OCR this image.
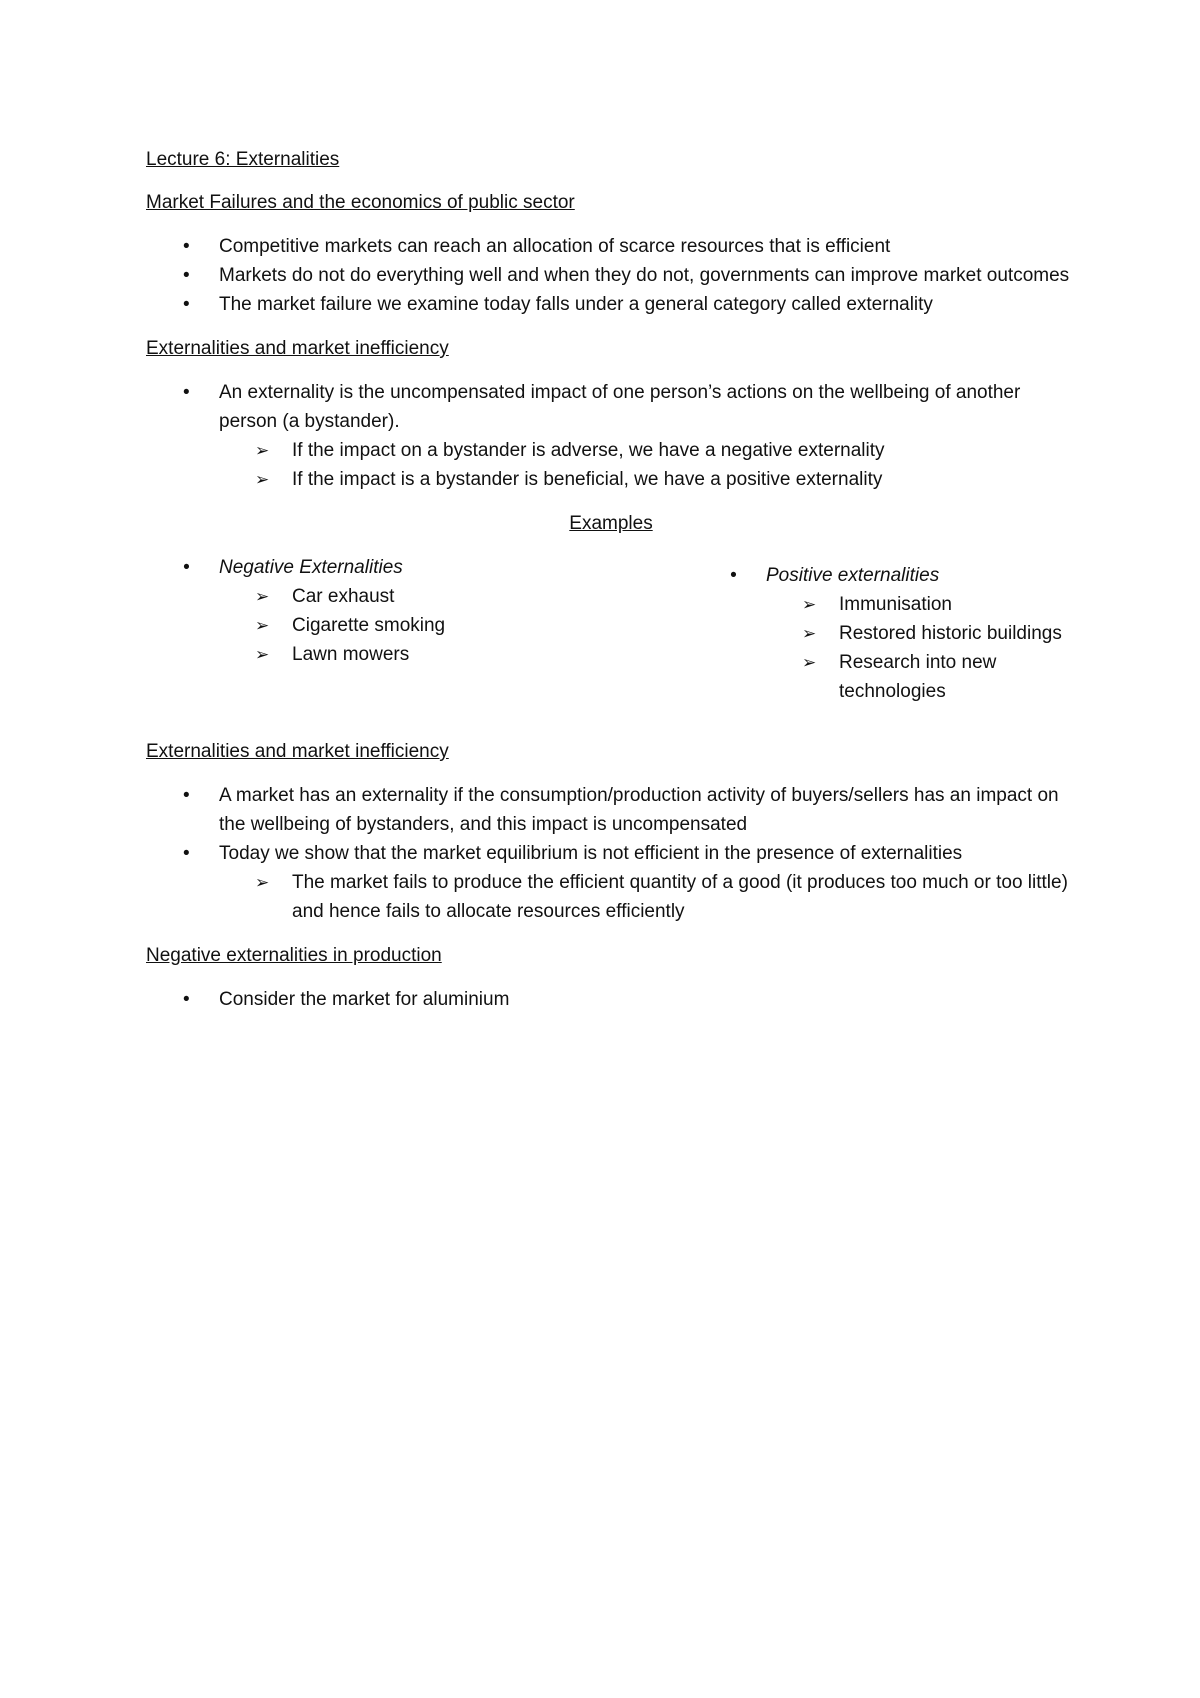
Lecture 6: Externalities
Market Failures and the economics of public sector
• Competitive markets can reach an allocation of scarce resources that is efficient
• Markets do not do everything well and when they do not, governments can improve market outcomes
• The market failure we examine today falls under a general category called externality
Externalities and market inefficiency
• An externality is the uncompensated impact of one person’s actions on the wellbeing of another person (a bystander).
➢ If the impact on a bystander is adverse, we have a negative externality
➢ If the impact is a bystander is beneficial, we have a positive externality
Examples
• Negative Externalities
➢ Car exhaust
➢ Cigarette smoking
➢ Lawn mowers
• Positive externalities
➢ Immunisation
➢ Restored historic buildings
➢ Research into new technologies
Externalities and market inefficiency
• A market has an externality if the consumption/production activity of buyers/sellers has an impact on the wellbeing of bystanders, and this impact is uncompensated
• Today we show that the market equilibrium is not efficient in the presence of externalities
➢ The market fails to produce the efficient quantity of a good (it produces too much or too little) and hence fails to allocate resources efficiently
Negative externalities in production
• Consider the market for aluminium
